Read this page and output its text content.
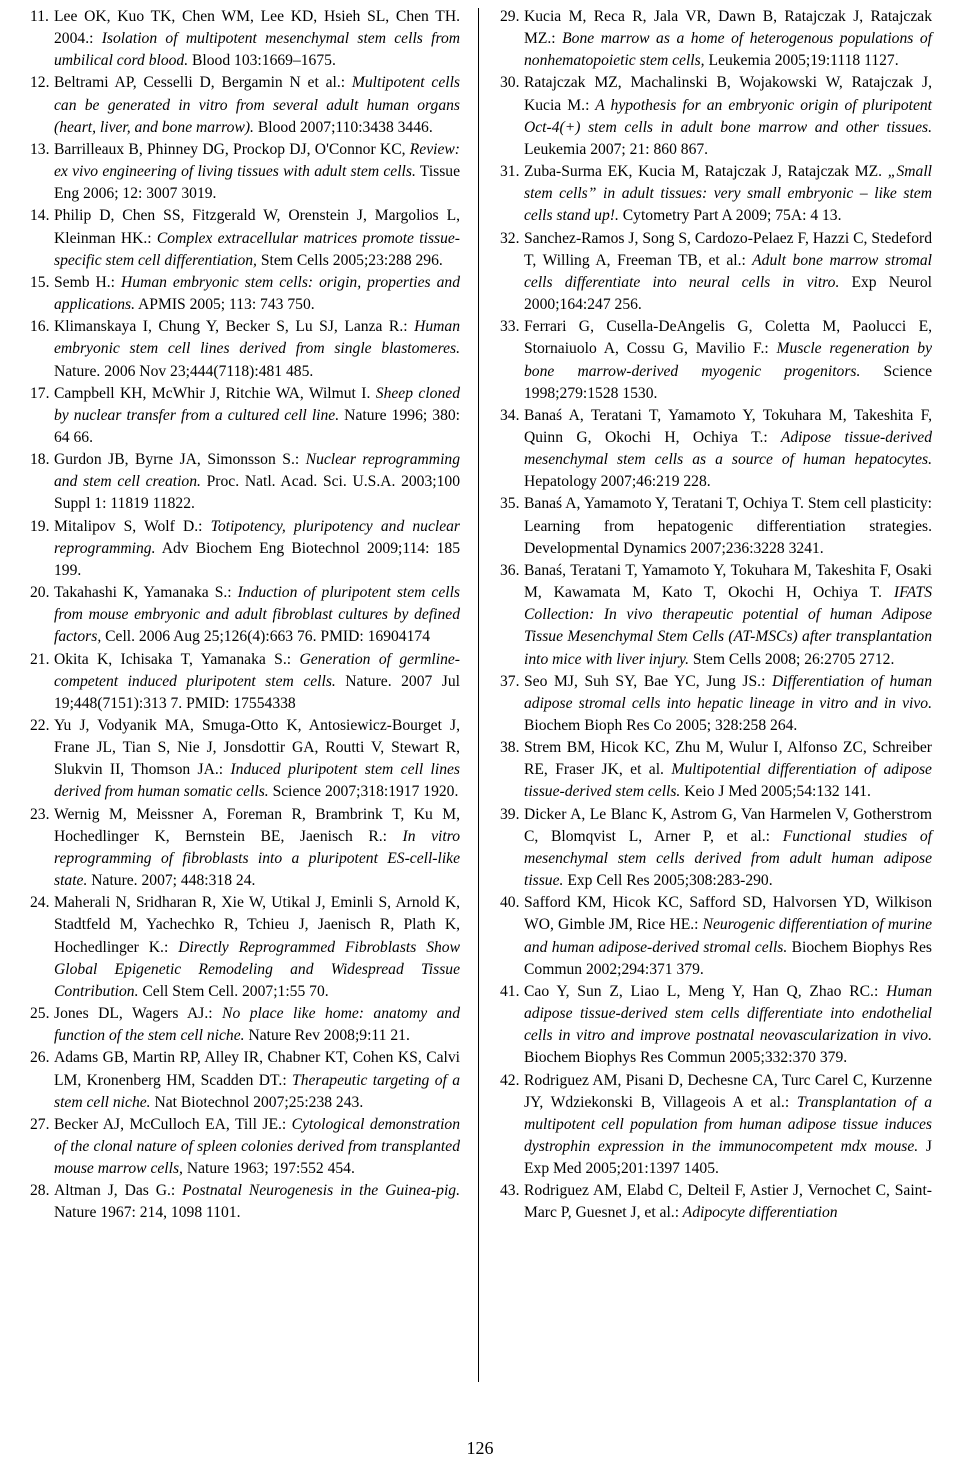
11. Lee OK, Kuo TK, Chen WM, Lee KD, Hsieh SL, Chen TH. 2004.: Isolation of multipotent mesenchymal stem cells from umbilical cord blood. Blood 103:1669–1675.

12. Beltrami AP, Cesselli D, Bergamin N et al.: Multipotent cells can be generated in vitro from several adult human organs (heart, liver, and bone marrow). Blood 2007;110:3438 3446.

13. Barrilleaux B, Phinney DG, Prockop DJ, O'Connor KC, Review: ex vivo engineering of living tissues with adult stem cells. Tissue Eng 2006; 12: 3007 3019.

14. Philip D, Chen SS, Fitzgerald W, Orenstein J, Margolios L, Kleinman HK.: Complex extracellular matrices promote tissue-specific stem cell differentiation, Stem Cells 2005;23:288 296.

15. Semb H.: Human embryonic stem cells: origin, properties and applications. APMIS 2005; 113: 743 750.

16. Klimanskaya I, Chung Y, Becker S, Lu SJ, Lanza R.: Human embryonic stem cell lines derived from single blastomeres. Nature. 2006 Nov 23;444(7118):481 485.

17. Campbell KH, McWhir J, Ritchie WA, Wilmut I. Sheep cloned by nuclear transfer from a cultured cell line. Nature 1996; 380: 64 66.

18. Gurdon JB, Byrne JA, Simonsson S.: Nuclear reprogramming and stem cell creation. Proc. Natl. Acad. Sci. U.S.A. 2003;100 Suppl 1: 11819 11822.

19. Mitalipov S, Wolf D.: Totipotency, pluripotency and nuclear reprogramming. Adv Biochem Eng Biotechnol 2009;114: 185 199.

20. Takahashi K, Yamanaka S.: Induction of pluripotent stem cells from mouse embryonic and adult fibroblast cultures by defined factors, Cell. 2006 Aug 25;126(4):663 76. PMID: 16904174

21. Okita K, Ichisaka T, Yamanaka S.: Generation of germline-competent induced pluripotent stem cells. Nature. 2007 Jul 19;448(7151):313 7. PMID: 17554338

22. Yu J, Vodyanik MA, Smuga-Otto K, Antosiewicz-Bourget J, Frane JL, Tian S, Nie J, Jonsdottir GA, Routti V, Stewart R, Slukvin II, Thomson JA.: Induced pluripotent stem cell lines derived from human somatic cells. Science 2007;318:1917 1920.

23. Wernig M, Meissner A, Foreman R, Brambrink T, Ku M, Hochedlinger K, Bernstein BE, Jaenisch R.: In vitro reprogramming of fibroblasts into a pluripotent ES-cell-like state. Nature. 2007; 448:318 24.

24. Maherali N, Sridharan R, Xie W, Utikal J, Eminli S, Arnold K, Stadtfeld M, Yachechko R, Tchieu J, Jaenisch R, Plath K, Hochedlinger K.: Directly Reprogrammed Fibroblasts Show Global Epigenetic Remodeling and Widespread Tissue Contribution. Cell Stem Cell. 2007;1:55 70.

25. Jones DL, Wagers AJ.: No place like home: anatomy and function of the stem cell niche. Nature Rev 2008;9:11 21.

26. Adams GB, Martin RP, Alley IR, Chabner KT, Cohen KS, Calvi LM, Kronenberg HM, Scadden DT.: Therapeutic targeting of a stem cell niche. Nat Biotechnol 2007;25:238 243.

27. Becker AJ, McCulloch EA, Till JE.: Cytological demonstration of the clonal nature of spleen colonies derived from transplanted mouse marrow cells, Nature 1963; 197:552 454.

28. Altman J, Das G.: Postnatal Neurogenesis in the Guinea-pig. Nature 1967: 214, 1098 1101.

29. Kucia M, Reca R, Jala VR, Dawn B, Ratajczak J, Ratajczak MZ.: Bone marrow as a home of heterogenous populations of nonhematopoietic stem cells, Leukemia 2005;19:1118 1127.

30. Ratajczak MZ, Machalinski B, Wojakowski W, Ratajczak J, Kucia M.: A hypothesis for an embryonic origin of pluripotent Oct-4(+) stem cells in adult bone marrow and other tissues. Leukemia 2007; 21: 860 867.

31. Zuba-Surma EK, Kucia M, Ratajczak J, Ratajczak MZ. „Small stem cells” in adult tissues: very small embryonic – like stem cells stand up!. Cytometry Part A 2009; 75A: 4 13.

32. Sanchez-Ramos J, Song S, Cardozo-Pelaez F, Hazzi C, Stedeford T, Willing A, Freeman TB, et al.: Adult bone marrow stromal cells differentiate into neural cells in vitro. Exp Neurol 2000;164:247 256.

33. Ferrari G, Cusella-DeAngelis G, Coletta M, Paolucci E, Stornaiuolo A, Cossu G, Mavilio F.: Muscle regeneration by bone marrow-derived myogenic progenitors. Science 1998;279:1528 1530.

34. Banaś A, Teratani T, Yamamoto Y, Tokuhara M, Takeshita F, Quinn G, Okochi H, Ochiya T.: Adipose tissue-derived mesenchymal stem cells as a source of human hepatocytes. Hepatology 2007;46:219 228.

35. Banaś A, Yamamoto Y, Teratani T, Ochiya T. Stem cell plasticity: Learning from hepatogenic differentiation strategies. Developmental Dynamics 2007;236:3228 3241.

36. Banaś, Teratani T, Yamamoto Y, Tokuhara M, Takeshita F, Osaki M, Kawamata M, Kato T, Okochi H, Ochiya T. IFATS Collection: In vivo therapeutic potential of human Adipose Tissue Mesenchymal Stem Cells (AT-MSCs) after transplantation into mice with liver injury. Stem Cells 2008; 26:2705 2712.

37. Seo MJ, Suh SY, Bae YC, Jung JS.: Differentiation of human adipose stromal cells into hepatic lineage in vitro and in vivo. Biochem Bioph Res Co 2005; 328:258 264.

38. Strem BM, Hicok KC, Zhu M, Wulur I, Alfonso ZC, Schreiber RE, Fraser JK, et al. Multipotential differentiation of adipose tissue-derived stem cells. Keio J Med 2005;54:132 141.

39. Dicker A, Le Blanc K, Astrom G, Van Harmelen V, Gotherstrom C, Blomqvist L, Arner P, et al.: Functional studies of mesenchymal stem cells derived from adult human adipose tissue. Exp Cell Res 2005;308:283-290.

40. Safford KM, Hicok KC, Safford SD, Halvorsen YD, Wilkison WO, Gimble JM, Rice HE.: Neurogenic differentiation of murine and human adipose-derived stromal cells. Biochem Biophys Res Commun 2002;294:371 379.

41. Cao Y, Sun Z, Liao L, Meng Y, Han Q, Zhao RC.: Human adipose tissue-derived stem cells differentiate into endothelial cells in vitro and improve postnatal neovascularization in vivo. Biochem Biophys Res Commun 2005;332:370 379.

42. Rodriguez AM, Pisani D, Dechesne CA, Turc Carel C, Kurzenne JY, Wdziekonski B, Villageois A et al.: Transplantation of a multipotent cell population from human adipose tissue induces dystrophin expression in the immunocompetent mdx mouse. J Exp Med 2005;201:1397 1405.

43. Rodriguez AM, Elabd C, Delteil F, Astier J, Vernochet C, Saint-Marc P, Guesnet J, et al.: Adipocyte differentiation

126
